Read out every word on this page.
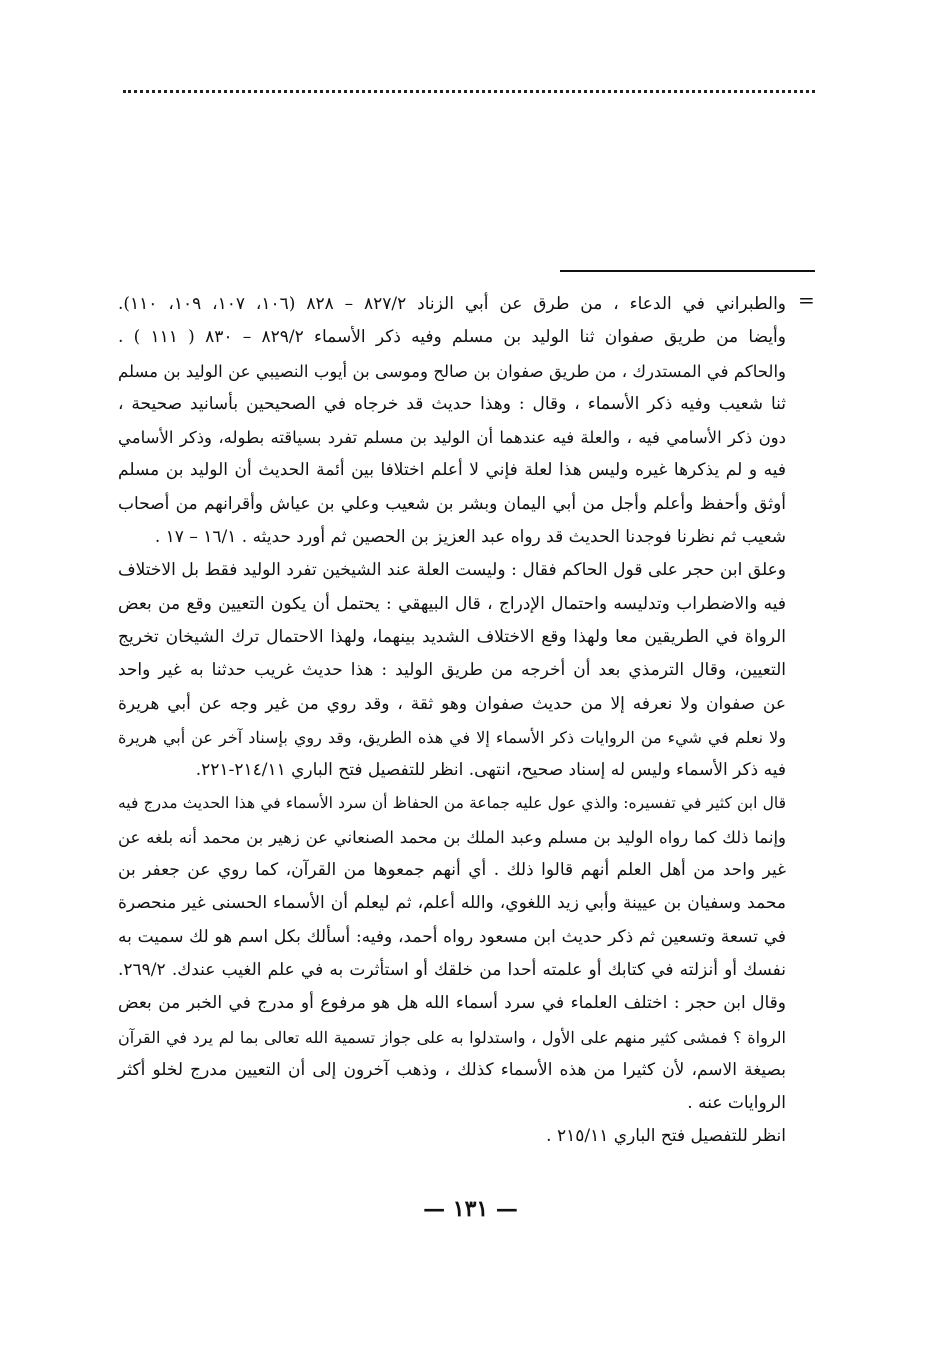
=
والطبراني في الدعاء ، من طرق عن أبي الزناد ٨٢٧/٢ – ٨٢٨ (١٠٦، ١٠٧، ١٠٩، ١١٠).
وأيضا من طريق صفوان ثنا الوليد بن مسلم وفيه ذكر الأسماء ٨٢٩/٢ – ٨٣٠ ( ١١١ ) .
والحاكم في المستدرك ، من طريق صفوان بن صالح وموسى بن أيوب النصيبي عن الوليد بن مسلم
ثنا شعيب وفيه ذكر الأسماء ، وقال : وهذا حديث قد خرجاه في الصحيحين بأسانيد صحيحة ،
دون ذكر الأسامي فيه ، والعلة فيه عندهما أن الوليد بن مسلم تفرد بسياقته بطوله، وذكر الأسامي
فيه و لم يذكرها غيره وليس هذا لعلة فإني لا أعلم اختلافا بين أئمة الحديث أن الوليد بن مسلم
أوثق وأحفظ وأعلم وأجل من أبي اليمان وبشر بن شعيب وعلي بن عياش وأقرانهم من أصحاب
شعيب ثم نظرنا فوجدنا الحديث قد رواه عبد العزيز بن الحصين ثم أورد حديثه . ١٦/١ – ١٧ .
وعلق ابن حجر على قول الحاكم فقال : وليست العلة عند الشيخين تفرد الوليد فقط بل الاختلاف
فيه والاضطراب وتدليسه واحتمال الإدراج ، قال البيهقي : يحتمل أن يكون التعيين وقع من بعض
الرواة في الطريقين معا ولهذا وقع الاختلاف الشديد بينهما، ولهذا الاحتمال ترك الشيخان تخريج
التعيين، وقال الترمذي بعد أن أخرجه من طريق الوليد : هذا حديث غريب حدثنا به غير واحد
عن صفوان ولا نعرفه إلا من حديث صفوان وهو ثقة ، وقد روي من غير وجه عن أبي هريرة
ولا نعلم في شيء من الروايات ذكر الأسماء إلا في هذه الطريق، وقد روي بإسناد آخر عن أبي هريرة
فيه ذكر الأسماء وليس له إسناد صحيح، انتهى. انظر للتفصيل فتح الباري ٢١٤/١١-٢٢١.
قال ابن كثير في تفسيره: والذي عول عليه جماعة من الحفاظ أن سرد الأسماء في هذا الحديث مدرج فيه
وإنما ذلك كما رواه الوليد بن مسلم وعبد الملك بن محمد الصنعاني عن زهير بن محمد أنه بلغه عن
غير واحد من أهل العلم أنهم قالوا ذلك . أي أنهم جمعوها من القرآن، كما روي عن جعفر بن
محمد وسفيان بن عيينة وأبي زيد اللغوي، والله أعلم، ثم ليعلم أن الأسماء الحسنى غير منحصرة
في تسعة وتسعين ثم ذكر حديث ابن مسعود رواه أحمد، وفيه: أسألك بكل اسم هو لك سميت به
نفسك أو أنزلته في كتابك أو علمته أحدا من خلقك أو استأثرت به في علم الغيب عندك. ٢٦٩/٢.
وقال ابن حجر : اختلف العلماء في سرد أسماء الله هل هو مرفوع أو مدرج في الخبر من بعض
الرواة ؟ فمشى كثير منهم على الأول ، واستدلوا به على جواز تسمية الله تعالى بما لم يرد في القرآن
بصيغة الاسم، لأن كثيرا من هذه الأسماء كذلك ، وذهب آخرون إلى أن التعيين مدرج لخلو أكثر
الروايات عنه .
انظر للتفصيل فتح الباري ٢١٥/١١ .
— ١٣١ —
